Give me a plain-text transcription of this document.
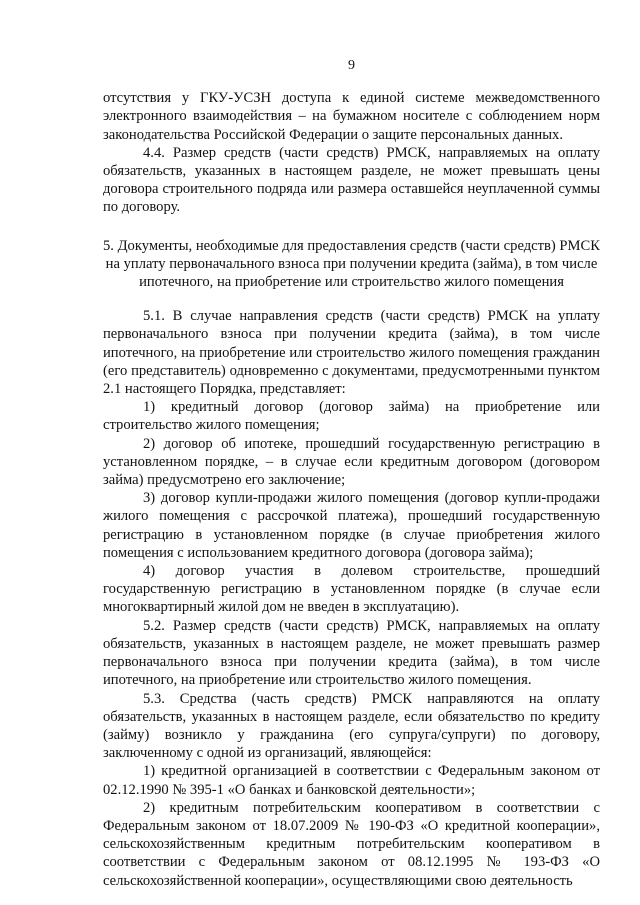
9

отсутствия у ГКУ-УСЗН доступа к единой системе межведомственного электронного взаимодействия – на бумажном носителе с соблюдением норм законодательства Российской Федерации о защите персональных данных.

4.4. Размер средств (части средств) РМСК, направляемых на оплату обязательств, указанных в настоящем разделе, не может превышать цены договора строительного подряда или размера оставшейся неуплаченной суммы по договору.

5. Документы, необходимые для предоставления средств (части средств) РМСК на уплату первоначального взноса при получении кредита (займа), в том числе ипотечного, на приобретение или строительство жилого помещения

5.1. В случае направления средств (части средств) РМСК на уплату первоначального взноса при получении кредита (займа), в том числе ипотечного, на приобретение или строительство жилого помещения гражданин (его представитель) одновременно с документами, предусмотренными пунктом 2.1 настоящего Порядка, представляет:

1) кредитный договор (договор займа) на приобретение или строительство жилого помещения;

2) договор об ипотеке, прошедший государственную регистрацию в установленном порядке, – в случае если кредитным договором (договором займа) предусмотрено его заключение;

3) договор купли-продажи жилого помещения (договор купли-продажи жилого помещения с рассрочкой платежа), прошедший государственную регистрацию в установленном порядке (в случае приобретения жилого помещения с использованием кредитного договора (договора займа);

4) договор участия в долевом строительстве, прошедший государственную регистрацию в установленном порядке (в случае если многоквартирный жилой дом не введен в эксплуатацию).

5.2. Размер средств (части средств) РМСК, направляемых на оплату обязательств, указанных в настоящем разделе, не может превышать размер первоначального взноса при получении кредита (займа), в том числе ипотечного, на приобретение или строительство жилого помещения.

5.3. Средства (часть средств) РМСК направляются на оплату обязательств, указанных в настоящем разделе, если обязательство по кредиту (займу) возникло у гражданина (его супруга/супруги) по договору, заключенному с одной из организаций, являющейся:

1) кредитной организацией в соответствии с Федеральным законом от 02.12.1990 № 395-1 «О банках и банковской деятельности»;

2) кредитным потребительским кооперативом в соответствии с Федеральным законом от 18.07.2009 № 190-ФЗ «О кредитной кооперации», сельскохозяйственным кредитным потребительским кооперативом в соответствии с Федеральным законом от 08.12.1995 № 193-ФЗ «О сельскохозяйственной кооперации», осуществляющими свою деятельность
